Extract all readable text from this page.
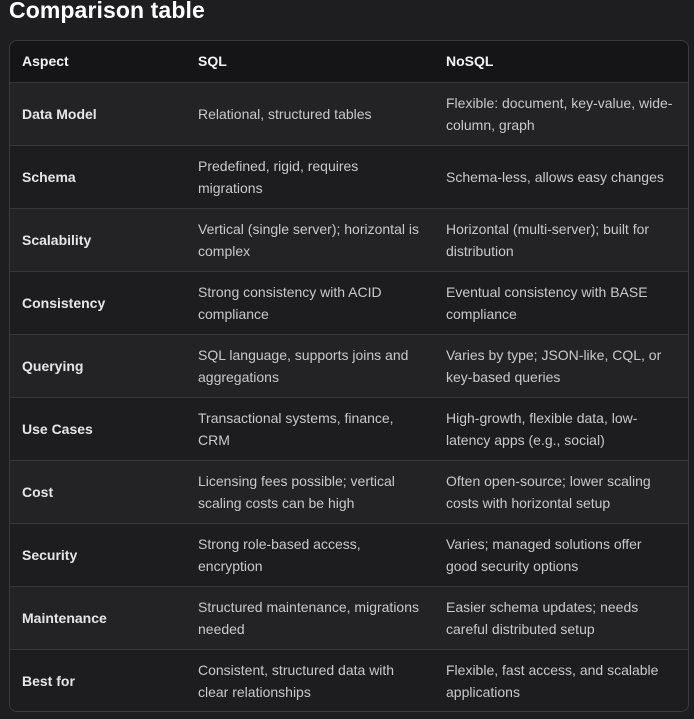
Comparison table
Aspect	SQL	NoSQL
Data Model	Relational, structured tables	Flexible: document, key-value, wide-column, graph
Schema	Predefined, rigid, requires migrations	Schema-less, allows easy changes
Scalability	Vertical (single server); horizontal is complex	Horizontal (multi-server); built for distribution
Consistency	Strong consistency with ACID compliance	Eventual consistency with BASE compliance
Querying	SQL language, supports joins and aggregations	Varies by type; JSON-like, CQL, or key-based queries
Use Cases	Transactional systems, finance, CRM	High-growth, flexible data, low-latency apps (e.g., social)
Cost	Licensing fees possible; vertical scaling costs can be high	Often open-source; lower scaling costs with horizontal setup
Security	Strong role-based access, encryption	Varies; managed solutions offer good security options
Maintenance	Structured maintenance, migrations needed	Easier schema updates; needs careful distributed setup
Best for	Consistent, structured data with clear relationships	Flexible, fast access, and scalable applications
